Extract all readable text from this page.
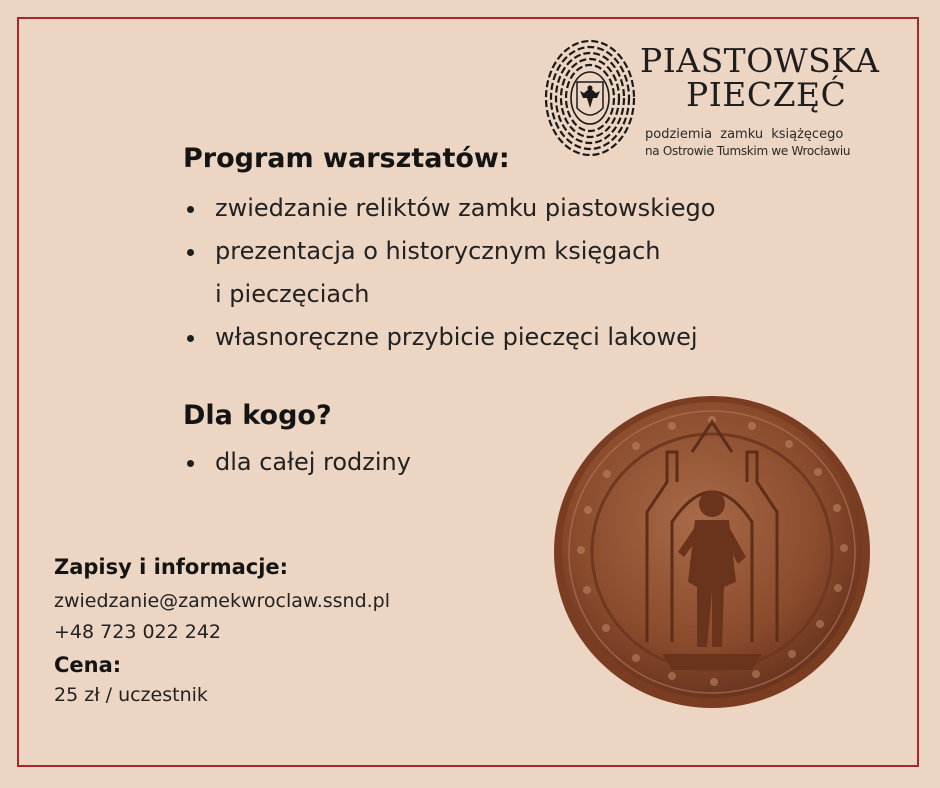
PIASTOWSKA
PIECZĘĆ
podziemia zamku książęcego
na Ostrowie Tumskim we Wrocławiu
Program warsztatów:
zwiedzanie reliktów zamku piastowskiego
prezentacja o historycznym księgach
i pieczęciach
własnoręczne przybicie pieczęci lakowej
Dla kogo?
dla całej rodziny
Zapisy i informacje:
zwiedzanie@zamekwroclaw.ssnd.pl
+48 723 022 242
Cena:
25 zł / uczestnik
